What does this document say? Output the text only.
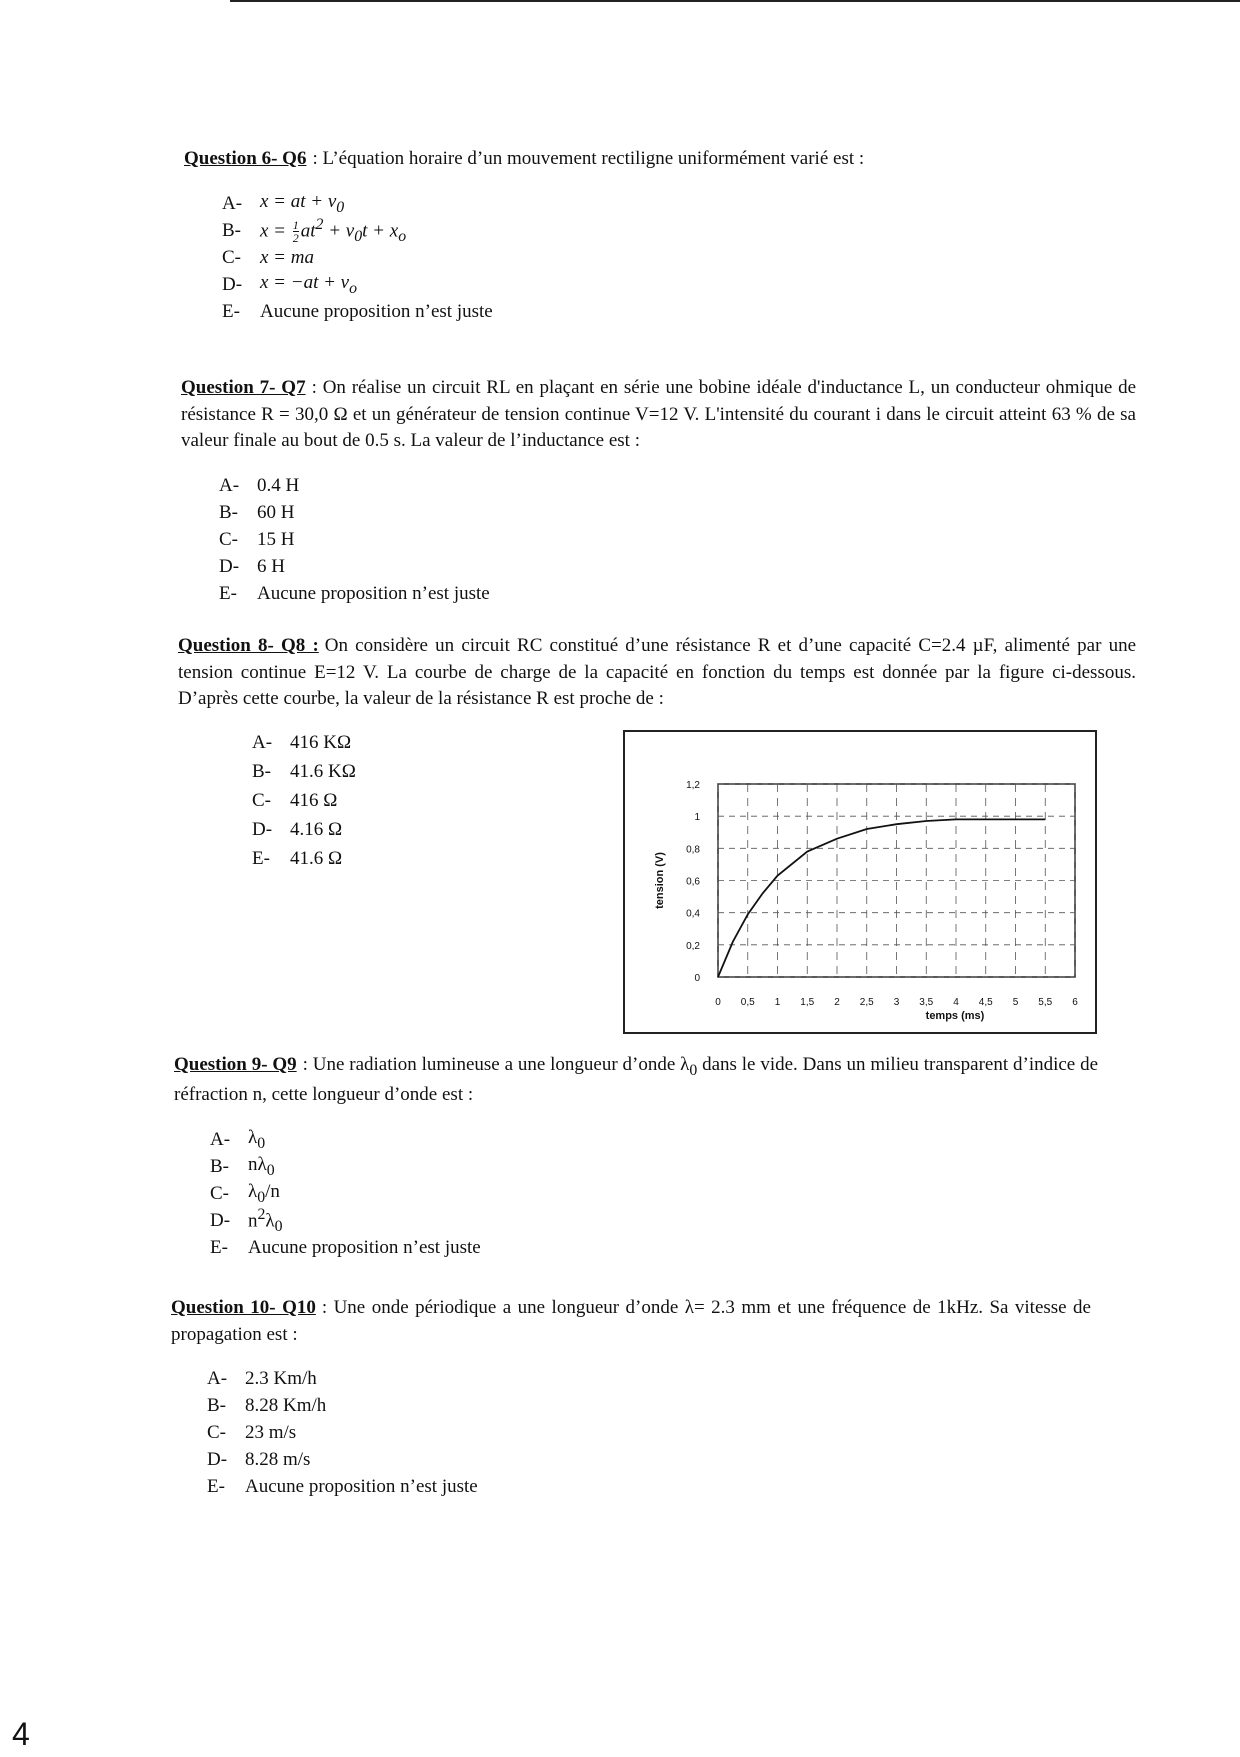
Question 6- Q6 : L’équation horaire d’un mouvement rectiligne uniformément varié est :

A- x = at + $v_0$
B-	$x = \frac{1}{2} at^2 + v_0t + x_o$
C-	x = ma
D- $x = -at + v_o$
E-	Aucune proposition n’est juste

Question 7- Q7 : On réalise un circuit RL en plaçant en série une bobine idéale d'inductance L, un conducteur ohmique de résistance R = 30,0 Ω et un générateur de tension continue V=12 V. L'intensité du courant i dans le circuit atteint 63 % de sa valeur finale au bout de 0.5 s. La valeur de l’inductance est :

A- 0.4 H
B-	60 H
C-	15 H
D- 6 H
E-	Aucune proposition n’est juste

Question 8- Q8 : On considère un circuit RC constitué d’une résistance R et d’une capacité C=2.4 µF, alimenté par une tension continue E=12 V. La courbe de charge de la capacité en fonction du temps est donnée par la figure ci-dessous. D’après cette courbe, la valeur de la résistance R est proche de :

A- 416 KΩ
B-	41.6 KΩ
C-	416 Ω
D- 4.16 Ω
E-	41.6 Ω
0
0,2
0,4
0,6
0,8
1
1,2
0 0,5 1 1,5 2 2,5 3 3,5 4 4,5 5 5,5 6
temps (ms)
tension (V)

Question 9- Q9 : Une radiation lumineuse a une longueur d’onde $\lambda_0$ dans le vide. Dans un milieu transparent d’indice de réfraction n, cette longueur d’onde est :

A- $\lambda_0$
B-	$n\lambda_0$
C-	$\lambda_0/n$
D- $n^2\lambda_0$
E-	Aucune proposition n’est juste

Question 10- Q10 : Une onde périodique a une longueur d’onde λ= 2.3 mm et une fréquence de 1kHz. Sa vitesse de propagation est :

A- 2.3 Km/h
B-	8.28 Km/h
C-	23 m/s
D- 8.28 m/s
E-	Aucune proposition n’est juste
4
